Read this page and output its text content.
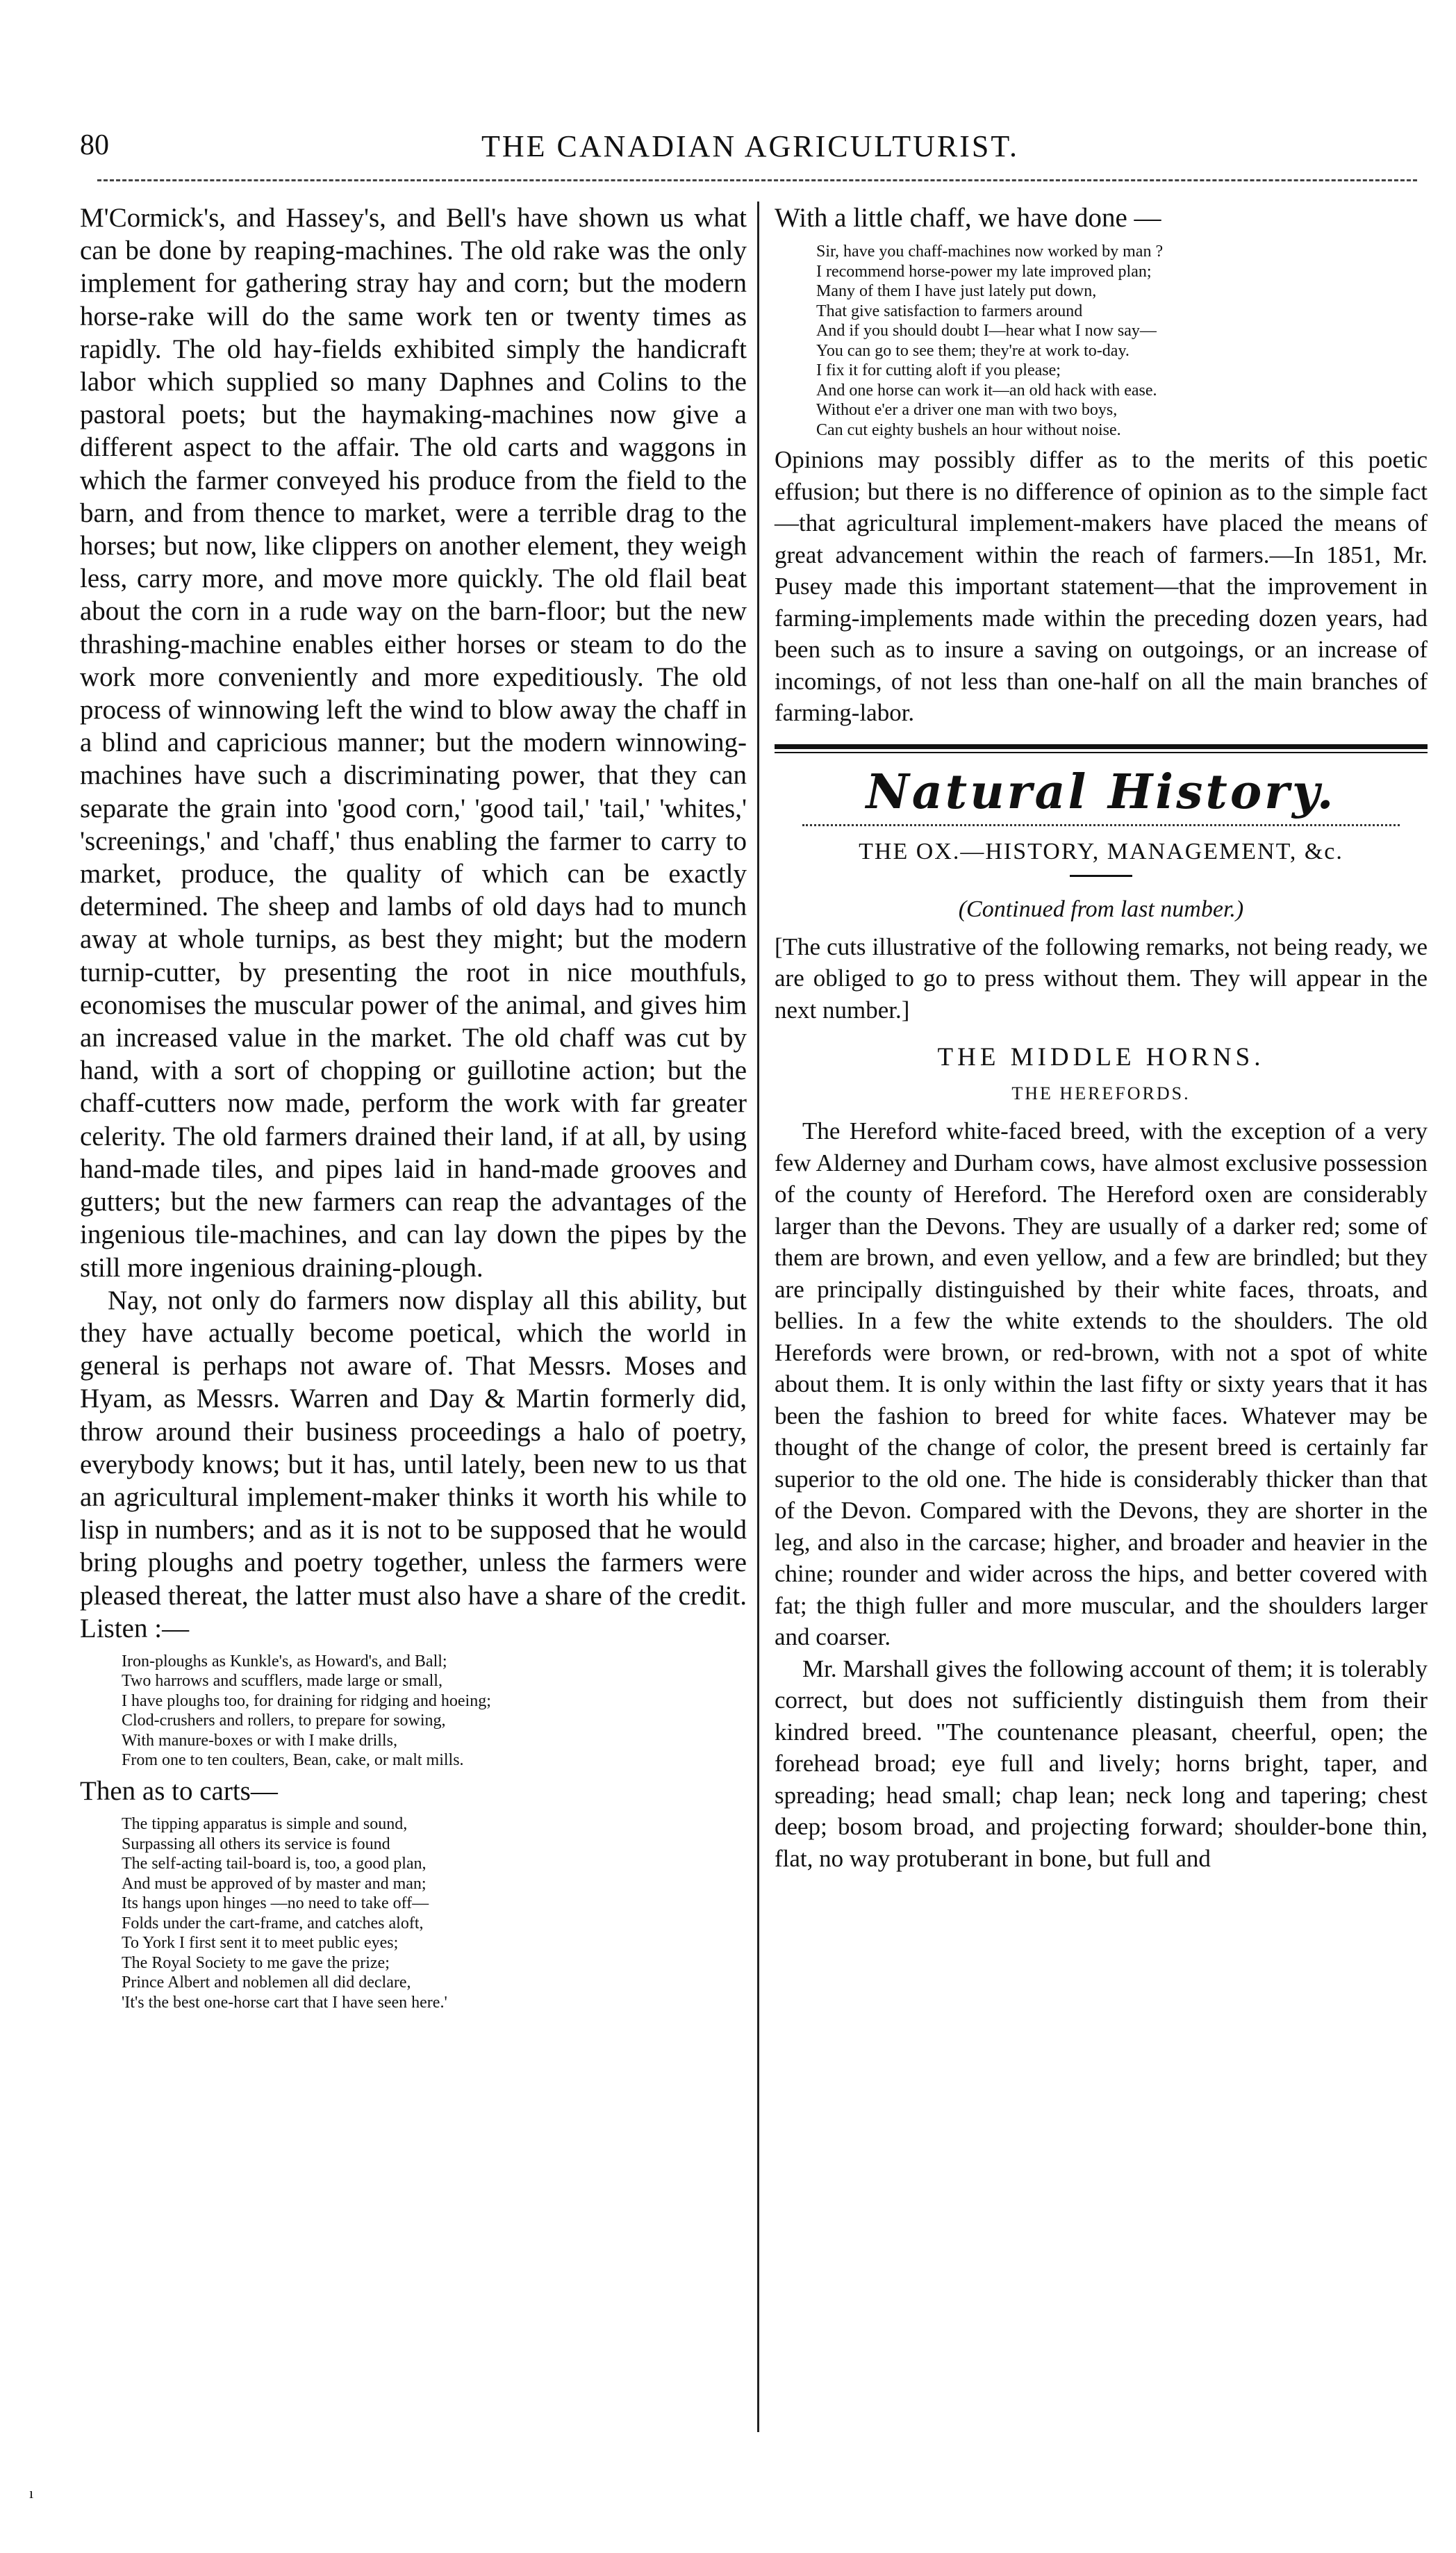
80	THE CANADIAN AGRICULTURIST.

M'Cormick's, and Hassey's, and Bell's have shown us what can be done by reaping-machines. The old rake was the only implement for gathering stray hay and corn; but the modern horse-rake will do the same work ten or twenty times as rapidly. The old hay-fields exhibited simply the handicraft labor which supplied so many Daphnes and Colins to the pastoral poets; but the haymaking-machines now give a different aspect to the affair. The old carts and waggons in which the farmer conveyed his produce from the field to the barn, and from thence to market, were a terrible drag to the horses; but now, like clippers on another element, they weigh less, carry more, and move more quickly. The old flail beat about the corn in a rude way on the barn-floor; but the new thrashing-machine enables either horses or steam to do the work more conveniently and more expeditiously. The old process of winnowing left the wind to blow away the chaff in a blind and capricious manner; but the modern winnowing-machines have such a discriminating power, that they can separate the grain into 'good corn,' 'good tail,' 'tail,' 'whites,' 'screenings,' and 'chaff,' thus enabling the farmer to carry to market, produce, the quality of which can be exactly determined. The sheep and lambs of old days had to munch away at whole turnips, as best they might; but the modern turnip-cutter, by presenting the root in nice mouthfuls, economises the muscular power of the animal, and gives him an increased value in the market. The old chaff was cut by hand, with a sort of chopping or guillotine action; but the chaff-cutters now made, perform the work with far greater celerity. The old farmers drained their land, if at all, by using hand-made tiles, and pipes laid in hand-made grooves and gutters; but the new farmers can reap the advantages of the ingenious tile-machines, and can lay down the pipes by the still more ingenious draining-plough.

Nay, not only do farmers now display all this ability, but they have actually become poetical, which the world in general is perhaps not aware of. That Messrs. Moses and Hyam, as Messrs. Warren and Day & Martin formerly did, throw around their business proceedings a halo of poetry, everybody knows; but it has, until lately, been new to us that an agricultural implement-maker thinks it worth his while to lisp in numbers; and as it is not to be supposed that he would bring ploughs and poetry together, unless the farmers were pleased thereat, the latter must also have a share of the credit. Listen :—

Iron-ploughs as Kunkle's, as Howard's, and Ball;
Two harrows and scufflers, made large or small,
I have ploughs too, for draining for ridging and hoeing;
Clod-crushers and rollers, to prepare for sowing,
With manure-boxes or with I make drills,
From one to ten coulters, Bean, cake, or malt mills.

Then as to carts—

The tipping apparatus is simple and sound,
Surpassing all others its service is found
The self-acting tail-board is, too, a good plan,
And must be approved of by master and man;
Its hangs upon hinges —no need to take off—
Folds under the cart-frame, and catches aloft,
To York I first sent it to meet public eyes;
The Royal Society to me gave the prize;
Prince Albert and noblemen all did declare,
'It's the best one-horse cart that I have seen here.'

With a little chaff, we have done —

Sir, have you chaff-machines now worked by man ?
I recommend horse-power my late improved plan;
Many of them I have just lately put down,
That give satisfaction to farmers around
And if you should doubt I—hear what I now say—
You can go to see them; they're at work to-day.
I fix it for cutting aloft if you please;
And one horse can work it—an old hack with ease.
Without e'er a driver one man with two boys,
Can cut eighty bushels an hour without noise.

Opinions may possibly differ as to the merits of this poetic effusion; but there is no difference of opinion as to the simple fact—that agricultural implement-makers have placed the means of great advancement within the reach of farmers.—In 1851, Mr. Pusey made this important statement—that the improvement in farming-implements made within the preceding dozen years, had been such as to insure a saving on outgoings, or an increase of incomings, of not less than one-half on all the main branches of farming-labor.

Natural History.
THE OX.—HISTORY, MANAGEMENT, &c.
(Continued from last number.)

[The cuts illustrative of the following remarks, not being ready, we are obliged to go to press without them. They will appear in the next number.]

THE MIDDLE HORNS.
THE HEREFORDS.

The Hereford white-faced breed, with the exception of a very few Alderney and Durham cows, have almost exclusive possession of the county of Hereford. The Hereford oxen are considerably larger than the Devons. They are usually of a darker red; some of them are brown, and even yellow, and a few are brindled; but they are principally distinguished by their white faces, throats, and bellies. In a few the white extends to the shoulders. The old Herefords were brown, or red-brown, with not a spot of white about them. It is only within the last fifty or sixty years that it has been the fashion to breed for white faces. Whatever may be thought of the change of color, the present breed is certainly far superior to the old one. The hide is considerably thicker than that of the Devon. Compared with the Devons, they are shorter in the leg, and also in the carcase; higher, and broader and heavier in the chine; rounder and wider across the hips, and better covered with fat; the thigh fuller and more muscular, and the shoulders larger and coarser.

Mr. Marshall gives the following account of them; it is tolerably correct, but does not sufficiently distinguish them from their kindred breed. "The countenance pleasant, cheerful, open; the forehead broad; eye full and lively; horns bright, taper, and spreading; head small; chap lean; neck long and tapering; chest deep; bosom broad, and projecting forward; shoulder-bone thin, flat, no way protuberant in bone, but full and

ı
